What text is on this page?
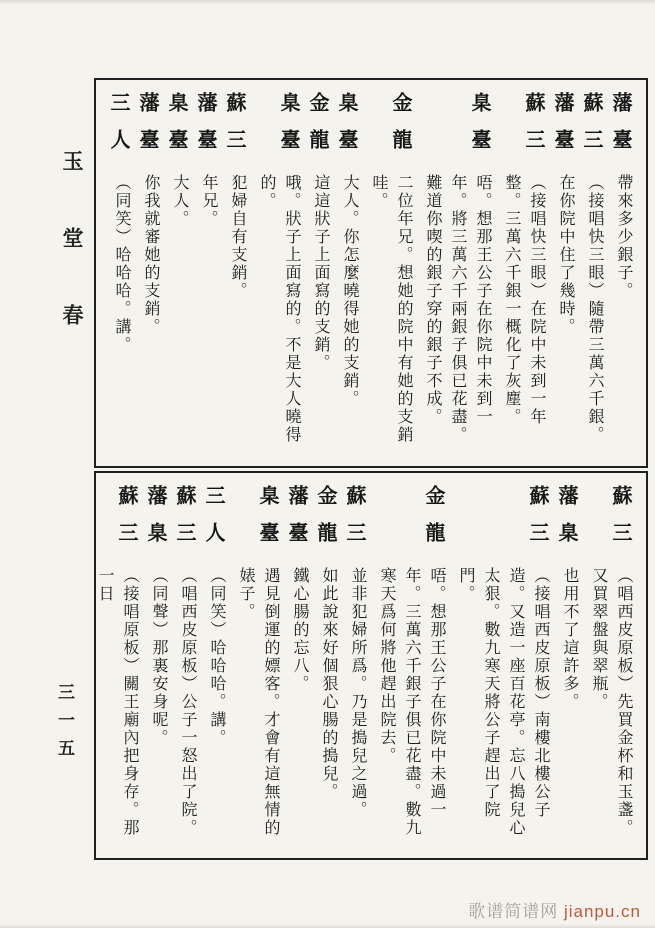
玉堂春
藩臺
帶來多少銀子。
蘇三
（接唱快三眼）隨帶三萬六千銀。
藩臺
在你院中住了幾時。
蘇三
（接唱快三眼）在院中未到一年整。三萬六千銀一概化了灰塵。
臬臺
唔。想那王公子在你院中未到一年。將三萬六千兩銀子俱已花盡。難道你喫的銀子穿的銀子不成。
金龍
二位年兄。想她的院中有她的支銷哇。
臬臺
大人。你怎麼曉得她的支銷。
金龍
這這狀子上面寫的支銷。
臬臺
哦。狀子上面寫的。不是大人曉得的。
蘇三
犯婦自有支銷。
藩臺
年兄。
臬臺
大人。
藩臺
你我就審她的支銷。
三人
（同笑）哈哈哈。講。
蘇三
（唱西皮原板）先買金杯和玉盞。又買翠盤與翠瓶。
藩臬
也用不了這許多。
蘇三
（接唱西皮原板）南樓北樓公子造。又造一座百花亭。忘八搗兒心太狠。數九寒天將公子趕出了院門。
金龍
唔。想那王公子在你院中未過一年。三萬六千銀子俱已花盡。數九寒天爲何將他趕出院去。
蘇三
並非犯婦所爲。乃是搗兒之過。
金龍
如此說來好個狠心腸的搗兒。
藩臺
鐵心腸的忘八。
臬臺
遇見倒運的嫖客。才會有這無情的婊子。
三人
（同笑）哈哈哈。講。
蘇三
（唱西皮原板）公子一怒出了院。
藩臬
（同聲）那裏安身呢。
蘇三
（接唱原板）關王廟內把身存。那一日
三一五
歌谱简谱网 jianpu.cn
